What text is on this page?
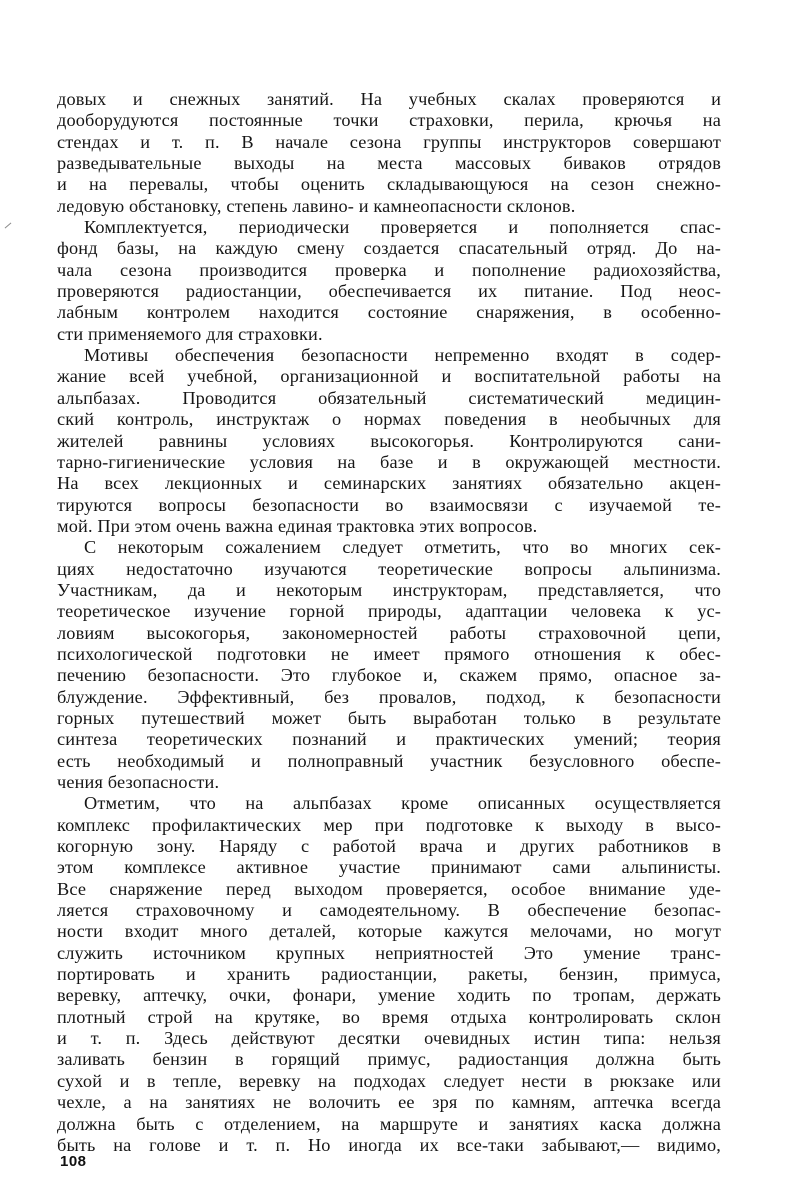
довых и снежных занятий. На учебных скалах проверяются и
дооборудуются постоянные точки страховки, перила, крючья на
стендах и т. п. В начале сезона группы инструкторов совершают
разведывательные выходы на места массовых биваков отрядов
и на перевалы, чтобы оценить складывающуюся на сезон снежно-
ледовую обстановку, степень лавино- и камнеопасности склонов.
Комплектуется, периодически проверяется и пополняется спас-
фонд базы, на каждую смену создается спасательный отряд. До на-
чала сезона производится проверка и пополнение радиохозяйства,
проверяются радиостанции, обеспечивается их питание. Под неос-
лабным контролем находится состояние снаряжения, в особенно-
сти применяемого для страховки.
Мотивы обеспечения безопасности непременно входят в содер-
жание всей учебной, организационной и воспитательной работы на
альпбазах. Проводится обязательный систематический медицин-
ский контроль, инструктаж о нормах поведения в необычных для
жителей равнины условиях высокогорья. Контролируются сани-
тарно-гигиенические условия на базе и в окружающей местности.
На всех лекционных и семинарских занятиях обязательно акцен-
тируются вопросы безопасности во взаимосвязи с изучаемой те-
мой. При этом очень важна единая трактовка этих вопросов.
С некоторым сожалением следует отметить, что во многих сек-
циях недостаточно изучаются теоретические вопросы альпинизма.
Участникам, да и некоторым инструкторам, представляется, что
теоретическое изучение горной природы, адаптации человека к ус-
ловиям высокогорья, закономерностей работы страховочной цепи,
психологической подготовки не имеет прямого отношения к обес-
печению безопасности. Это глубокое и, скажем прямо, опасное за-
блуждение. Эффективный, без провалов, подход, к безопасности
горных путешествий может быть выработан только в результате
синтеза теоретических познаний и практических умений; теория
есть необходимый и полноправный участник безусловного обеспе-
чения безопасности.
Отметим, что на альпбазах кроме описанных осуществляется
комплекс профилактических мер при подготовке к выходу в высо-
когорную зону. Наряду с работой врача и других работников в
этом комплексе активное участие принимают сами альпинисты.
Все снаряжение перед выходом проверяется, особое внимание уде-
ляется страховочному и самодеятельному. В обеспечение безопас-
ности входит много деталей, которые кажутся мелочами, но могут
служить источником крупных неприятностей Это умение транс-
портировать и хранить радиостанции, ракеты, бензин, примуса,
веревку, аптечку, очки, фонари, умение ходить по тропам, держать
плотный строй на крутяке, во время отдыха контролировать склон
и т. п. Здесь действуют десятки очевидных истин типа: нельзя
заливать бензин в горящий примус, радиостанция должна быть
сухой и в тепле, веревку на подходах следует нести в рюкзаке или
чехле, а на занятиях не волочить ее зря по камням, аптечка всегда
должна быть с отделением, на маршруте и занятиях каска должна
быть на голове и т. п. Но иногда их все-таки забывают,— видимо,
108
